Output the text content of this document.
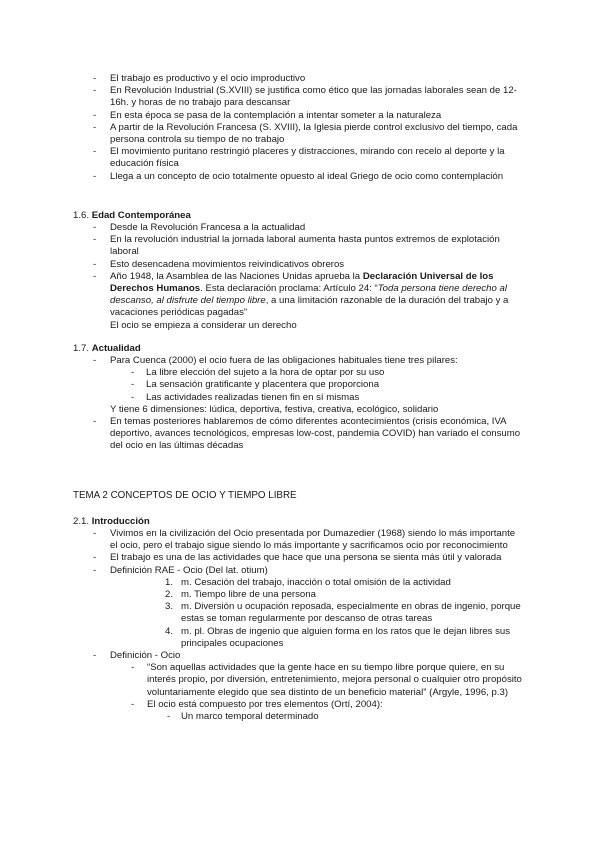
- El trabajo es productivo y el ocio improductivo
- En Revolución Industrial (S.XVIII) se justifica como ético que las jornadas laborales sean de 12-16h. y horas de no trabajo para descansar
- En esta época se pasa de la contemplación a intentar someter a la naturaleza
- A partir de la Revolución Francesa (S. XVIII), la Iglesia pierde control exclusivo del tiempo, cada persona controla su tiempo de no trabajo
- El movimiento puritano restringió placeres y distracciones, mirando con recelo al deporte y la educación física
- Llega a un concepto de ocio totalmente opuesto al ideal Griego de ocio como contemplación
1.6. Edad Contemporánea
- Desde la Revolución Francesa a la actualidad
- En la revolución industrial la jornada laboral aumenta hasta puntos extremos de explotación laboral
- Esto desencadena movimientos reivindicativos obreros
- Año 1948, la Asamblea de las Naciones Unidas aprueba la Declaración Universal de los Derechos Humanos. Esta declaración proclama: Artículo 24: “Toda persona tiene derecho al descanso, al disfrute del tiempo libre, a una limitación razonable de la duración del trabajo y a vacaciones periódicas pagadas”
El ocio se empieza a considerar un derecho
1.7. Actualidad
- Para Cuenca (2000) el ocio fuera de las obligaciones habituales tiene tres pilares:
- La libre elección del sujeto a la hora de optar por su uso
- La sensación gratificante y placentera que proporciona
- Las actividades realizadas tienen fin en sí mismas
Y tiene 6 dimensiones: lúdica, deportiva, festiva, creativa, ecológico, solidario
- En temas posteriores hablaremos de cómo diferentes acontecimientos (crisis económica, IVA deportivo, avances tecnológicos, empresas low-cost, pandemia COVID) han variado el consumo del ocio en las últimas décadas
TEMA 2 CONCEPTOS DE OCIO Y TIEMPO LIBRE
2.1. Introducción
- Vivimos en la civilización del Ocio presentada por Dumazedier (1968) siendo lo más importante el ocio, pero el trabajo sigue siendo lo más importante y sacrificamos ocio por reconocimiento
- El trabajo es una de las actividades que hace que una persona se sienta más útil y valorada
- Definición RAE - Ocio (Del lat. otium)
1. m. Cesación del trabajo, inacción o total omisión de la actividad
2. m. Tiempo libre de una persona
3. m. Diversión u ocupación reposada, especialmente en obras de ingenio, porque estas se toman regularmente por descanso de otras tareas
4. m. pl. Obras de ingenio que alguien forma en los ratos que le dejan libres sus principales ocupaciones
- Definición - Ocio
- “Son aquellas actividades que la gente hace en su tiempo libre porque quiere, en su interés propio, por diversión, entretenimiento, mejora personal o cualquier otro propósito voluntariamente elegido que sea distinto de un beneficio material” (Argyle, 1996, p.3)
- El ocio está compuesto por tres elementos (Ortí, 2004):
- Un marco temporal determinado
